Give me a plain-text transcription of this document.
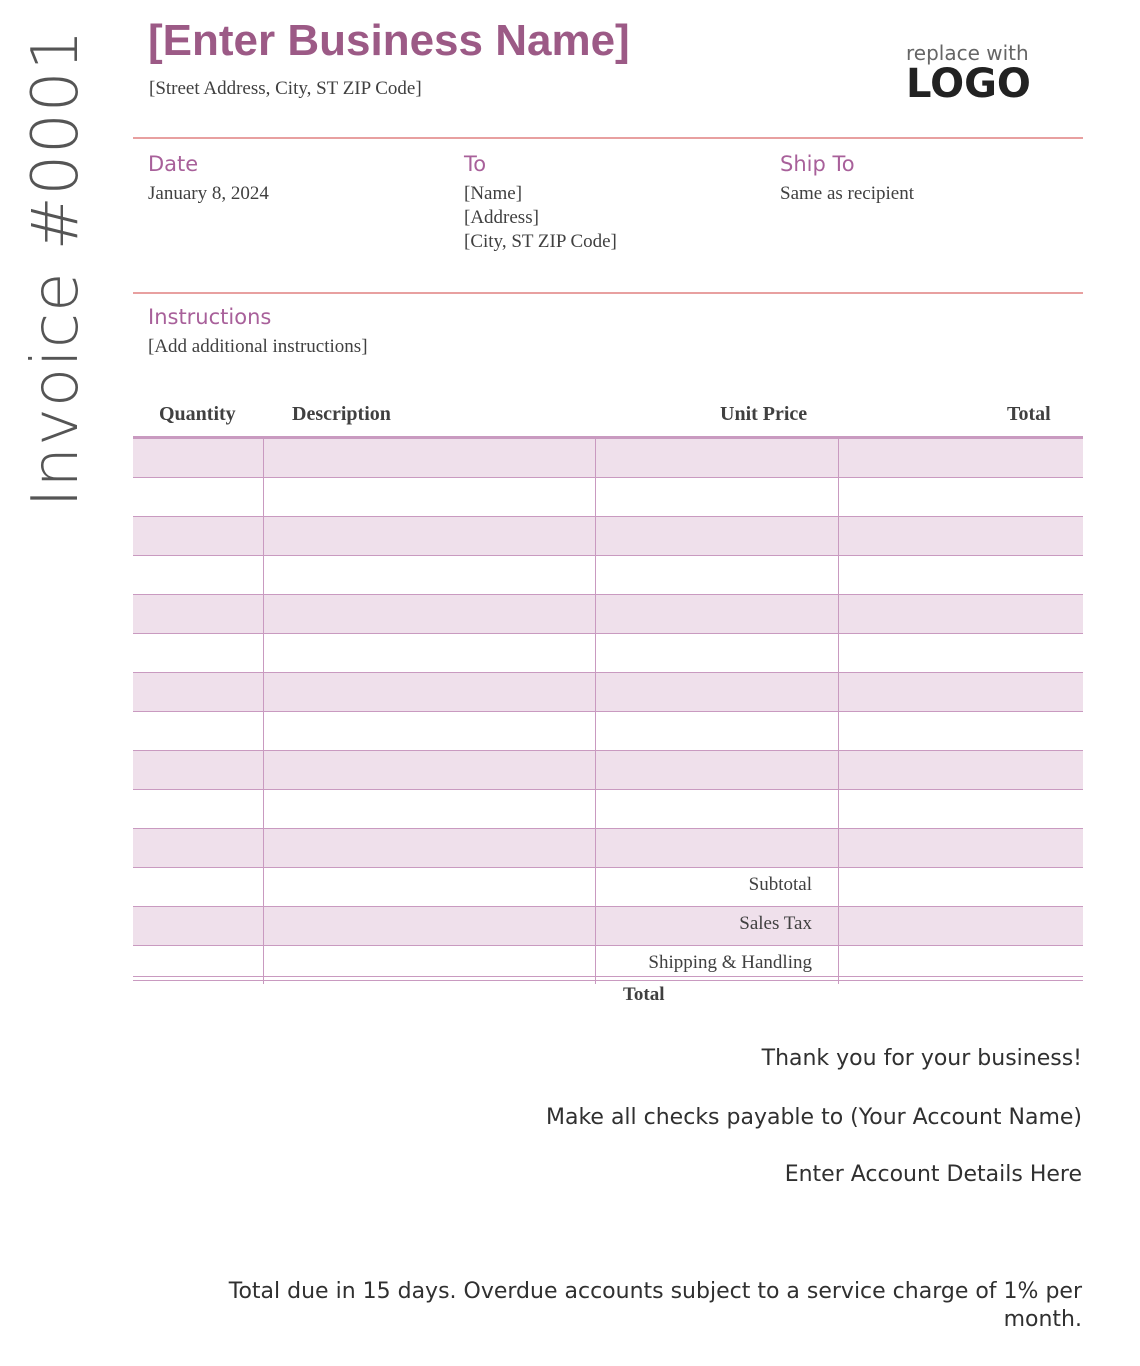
Invoice #0001 [Enter Business Name]
[Street Address, City, ST ZIP Code]
replace with
LOGO
Date
January 8, 2024
To
[Name]
[Address]
[City, ST ZIP Code]
Ship To
Same as recipient
Instructions
[Add additional instructions]
Quantity	Description	Unit Price	Total
Subtotal
Sales Tax
Shipping & Handling
Total
Thank you for your business!
Make all checks payable to (Your Account Name)
Enter Account Details Here
Total due in 15 days. Overdue accounts subject to a service charge of 1% per month.
